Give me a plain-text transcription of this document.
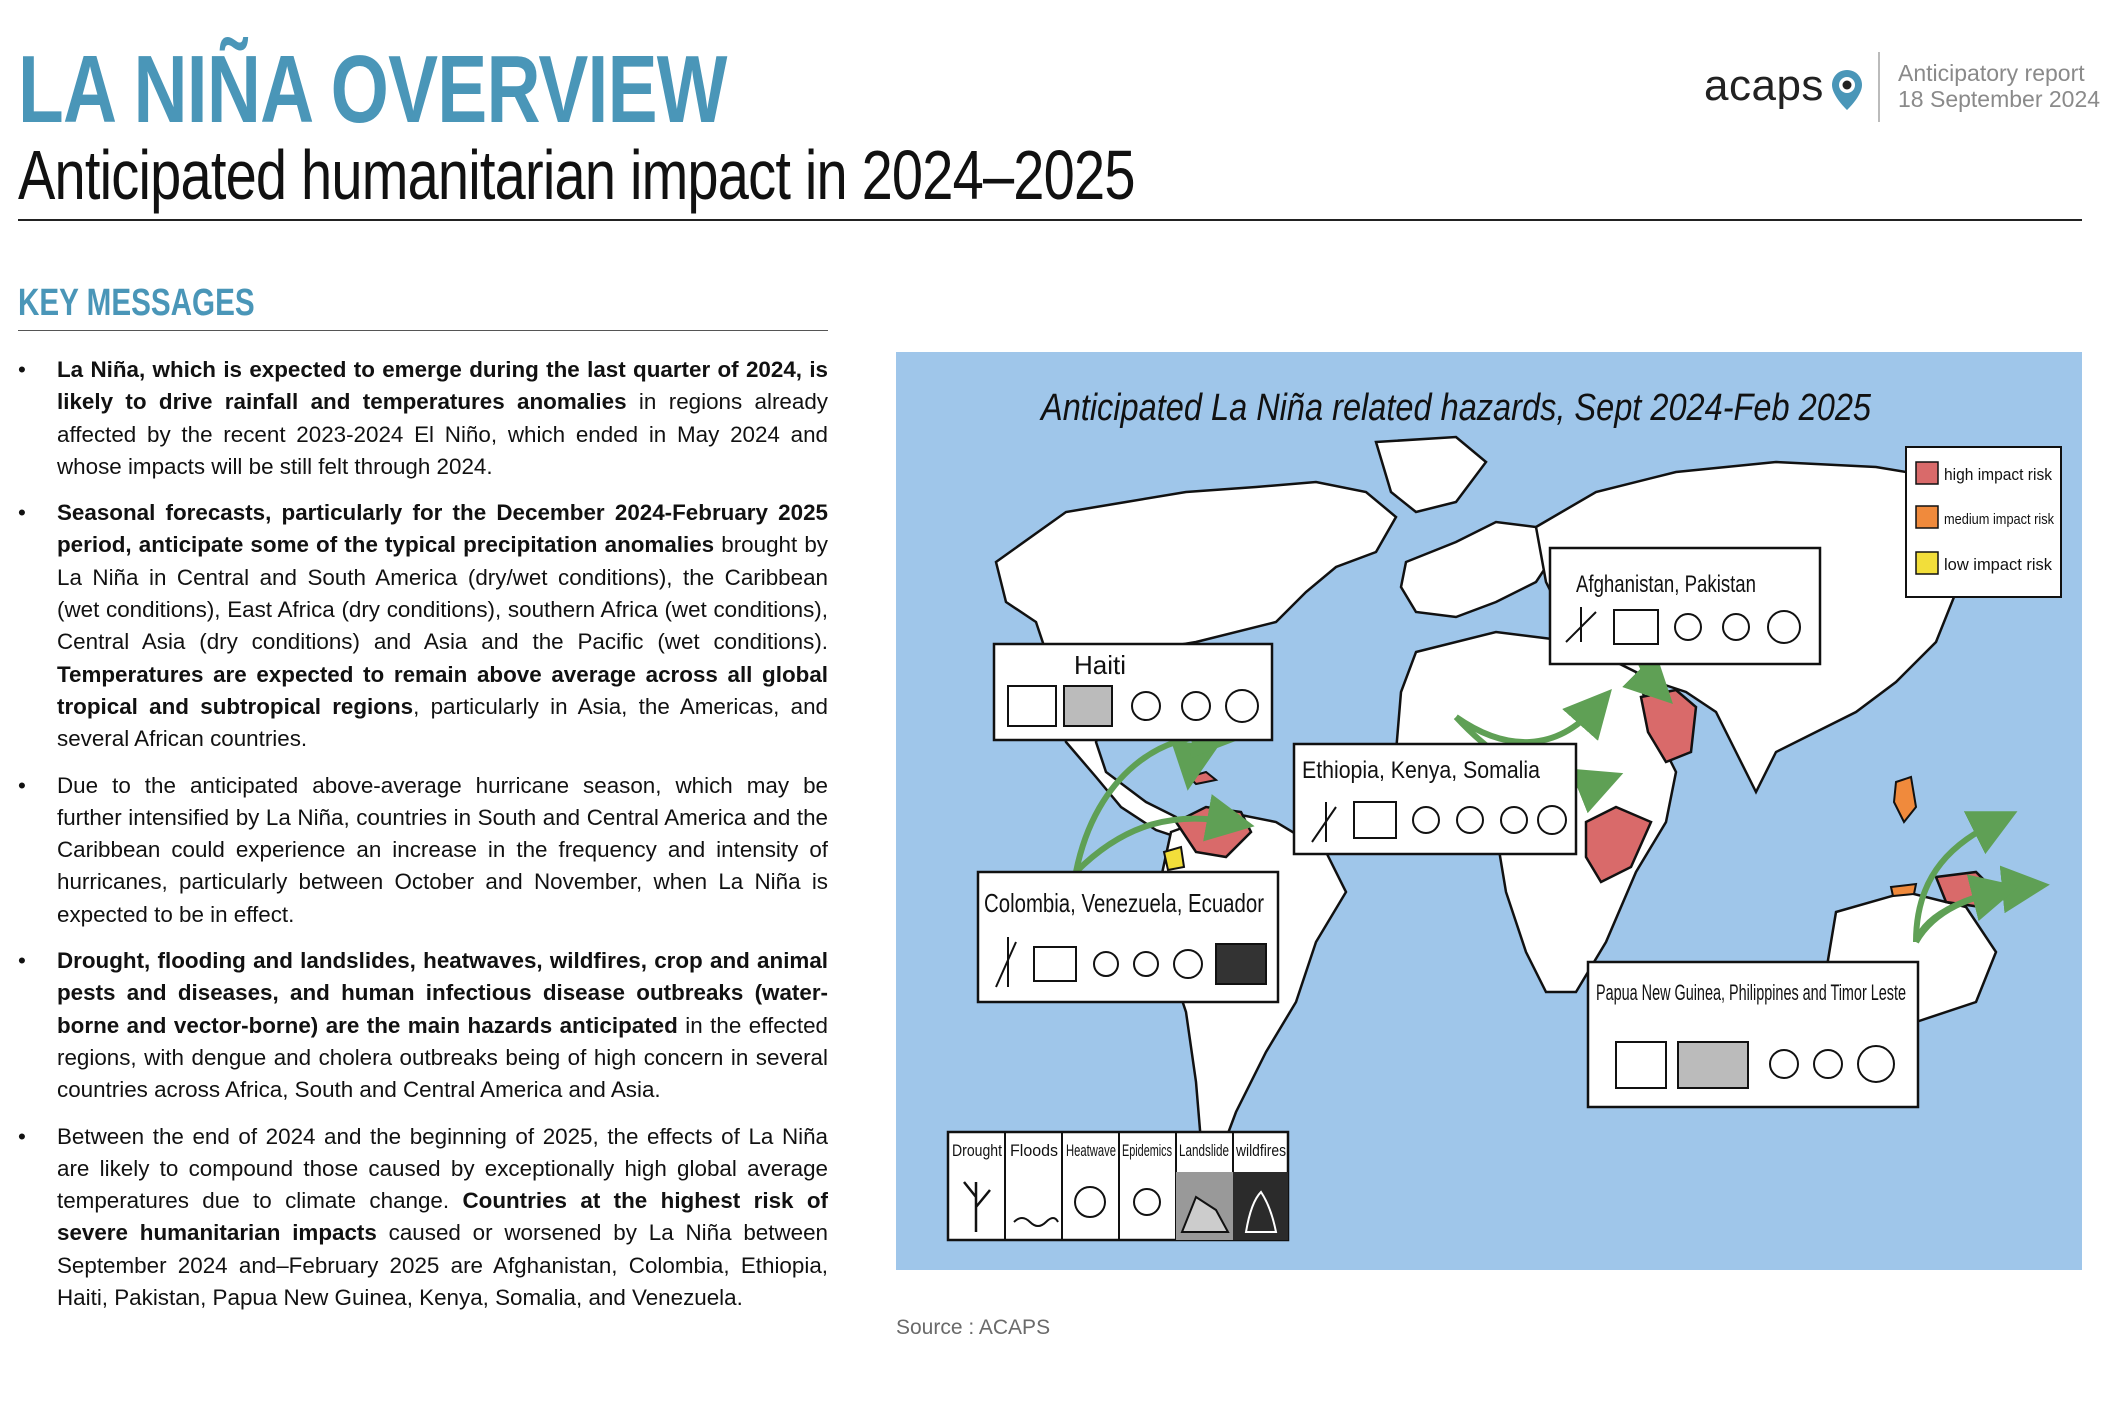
LA NIÑA OVERVIEW
Anticipated humanitarian impact in 2024–2025
acaps	Anticipatory report
18 September 2024
KEY MESSAGES
• La Niña, which is expected to emerge during the last quarter of 2024, is likely to drive rainfall and temperatures anomalies in regions already affected by the recent 2023-2024 El Niño, which ended in May 2024 and whose impacts will be still felt through 2024.
• Seasonal forecasts, particularly for the December 2024-February 2025 period, anticipate some of the typical precipitation anomalies brought by La Niña in Central and South America (dry/wet conditions), the Caribbean (wet conditions), East Africa (dry conditions), southern Africa (wet conditions), Central Asia (dry conditions) and Asia and the Pacific (wet conditions). Temperatures are expected to remain above average across all global tropical and subtropical regions, particularly in Asia, the Americas, and several African countries.
• Due to the anticipated above-average hurricane season, which may be further intensified by La Niña, countries in South and Central America and the Caribbean could experience an increase in the frequency and intensity of hurricanes, particularly between October and November, when La Niña is expected to be in effect.
• Drought, flooding and landslides, heatwaves, wildfires, crop and animal pests and diseases, and human infectious disease outbreaks (water-borne and vector-borne) are the main hazards anticipated in the effected regions, with dengue and cholera outbreaks being of high concern in several countries across Africa, South and Central America and Asia.
• Between the end of 2024 and the beginning of 2025, the effects of La Niña are likely to compound those caused by exceptionally high global average temperatures due to climate change. Countries at the highest risk of severe humanitarian impacts caused or worsened by La Niña between September 2024 and–February 2025 are Afghanistan, Colombia, Ethiopia, Haiti, Pakistan, Papua New Guinea, Kenya, Somalia, and Venezuela.
Anticipated La Niña related hazards, Sept 2024-Feb 2025
high impact risk
medium impact risk
low impact risk
Haiti
Afghanistan, Pakistan
Ethiopia, Kenya, Somalia
Colombia, Venezuela, Ecuador
Papua New Guinea, Philippines and Timor Leste
Drought Floods Heatwave Epidemics Landslide wildfires
Source : ACAPS
